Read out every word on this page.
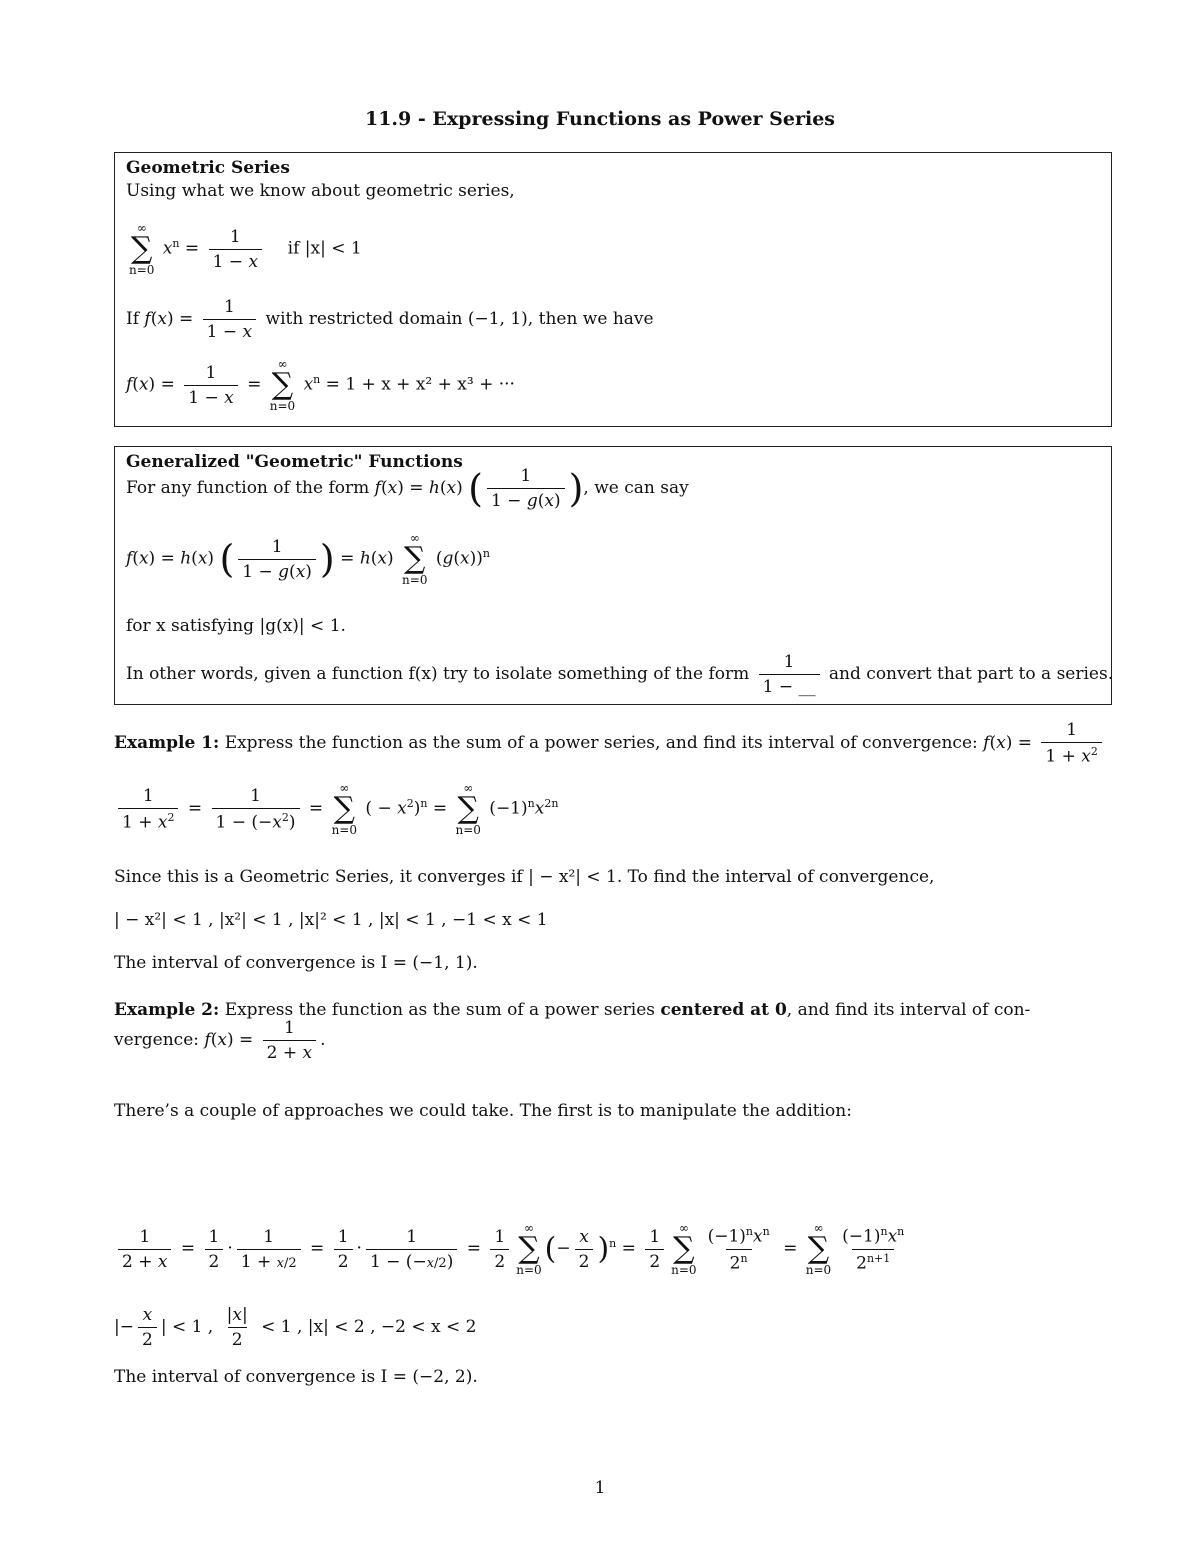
11.9 - Expressing Functions as Power Series
Geometric Series
Using what we know about geometric series,
∞
∑
n=0
$x^n = \frac{1}{1 - x}$ if |x| < 1
If $f(x) = \frac{1}{1 - x}$ with restricted domain (−1, 1), then we have
$f(x) = \frac{1}{1 - x}$ =
∞
∑
n=0
$x^n = 1 + x + x^2 + x^3$ + ···
Generalized "Geometric" Functions
For any function of the form f(x) = h(x) ( $\frac{1}{1 - g(x)}$ ), we can say
f(x) = h(x) ( $\frac{1}{1 - g(x)}$ ) = h(x)
∞
∑
n=0
$(g(x))^n$
for x satisfying |g(x)| < 1.
In other words, given a function f(x) try to isolate something of the form $\frac{1}{1 - \_\_}$ and convert that part to a series.
Example 1: Express the function as the sum of a power series, and find its interval of convergence: $f(x) = \frac{1}{1 + x^2}$
$\frac{1}{1 + x^2} = \frac{1}{1 - (-x^2)}$ =
∞
∑
n=0
( − $x^2)^n$ =
∞
∑
n=0
$(-1)^nx^{2n}$
Since this is a Geometric Series, it converges if | − x²| < 1. To find the interval of convergence,
| − x²| < 1 , |x²| < 1 , |x|² < 1 , |x| < 1 , −1 < x < 1
The interval of convergence is I = (−1, 1).
Example 2: Express the function as the sum of a power series centered at 0, and find its interval of con-
vergence: $f(x) = \frac{1}{2 + x}$ .
There’s a couple of approaches we could take. The first is to manipulate the addition:
$\frac{1}{2 + x} = \frac{1}{2} \cdot \frac{1}{1 + x/2} = \frac{1}{2} \cdot \frac{1}{1 - (-x/2)} = \frac{1}{2}$ ∞
∑
n=0
(− $\frac{x}{2} )^n = \frac{1}{2}$ ∞
∑
$n=0 \frac{(-1)^nx^n}{2^n}$ =
∞
∑
$n=0 \frac{(-1)^nx^n}{2^{n+1}}$
|− $\frac{x}{2}$ | < 1 , $\frac{|x|}{2} < 1$ , |x| < 2 , −2 < x < 2
The interval of convergence is I = (−2, 2).
1
